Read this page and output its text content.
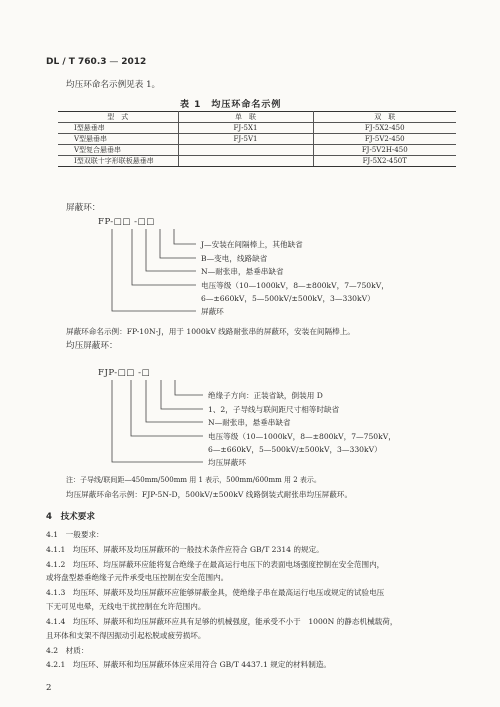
DL / T 760.3 — 2012
均压环命名示例见表 1。
表 1　均压环命名示例
型　式	单　联	双　联
Ⅰ型悬垂串	FJ-5X1	FJ-5X2-450
Ⅴ型悬垂串	FJ-5V1	FJ-5V2-450
Ⅴ型复合悬垂串		FJ-5V2H-450
Ⅰ型双联十字形联板悬垂串		FJ-5X2-450T
屏蔽环：
FP-□□ -□□
J—安装在间隔棒上，其他缺省
B—变电，线路缺省
N—耐张串，悬垂串缺省
电压等级（10—1000kV，8—±800kV，7—750kV，
6—±660kV，5—500kV/±500kV，3—330kV）
屏蔽环
屏蔽环命名示例：FP-10N-J，用于 1000kV 线路耐张串的屏蔽环，安装在间隔棒上。
均压屏蔽环：
FJP-□□ -□
绝缘子方向：正装省缺，倒装用 D
1、2，子导线与联间距尺寸相等时缺省
N—耐张串，悬垂串缺省
电压等级（10—1000kV，8—±800kV，7—750kV，
6—±660kV，5—500kV/±500kV，3—330kV）
均压屏蔽环
注：子导线/联间距—450mm/500mm 用 1 表示，500mm/600mm 用 2 表示。
均压屏蔽环命名示例：FJP-5N-D，500kV/±500kV 线路倒装式耐张串均压屏蔽环。
4　技术要求
4.1　一般要求：
4.1.1　均压环、屏蔽环及均压屏蔽环的一般技术条件应符合 GB/T 2314 的规定。
4.1.2　均压环、均压屏蔽环应能将复合绝缘子在最高运行电压下的表面电场强度控制在安全范围内，
或将盘型悬垂绝缘子元件承受电压控制在安全范围内。
4.1.3　均压环、屏蔽环及均压屏蔽环应能够屏蔽金具，使绝缘子串在最高运行电压或规定的试验电压
下无可见电晕，无线电干扰控制在允许范围内。
4.1.4　均压环、屏蔽环和均压屏蔽环应具有足够的机械强度，能承受不小于　1000N 的静态机械载荷，
且环体和支架不得因振动引起松脱或疲劳损坏。
4.2　材质：
4.2.1　均压环、屏蔽环和均压屏蔽环体应采用符合 GB/T 4437.1 规定的材料制造。
2
